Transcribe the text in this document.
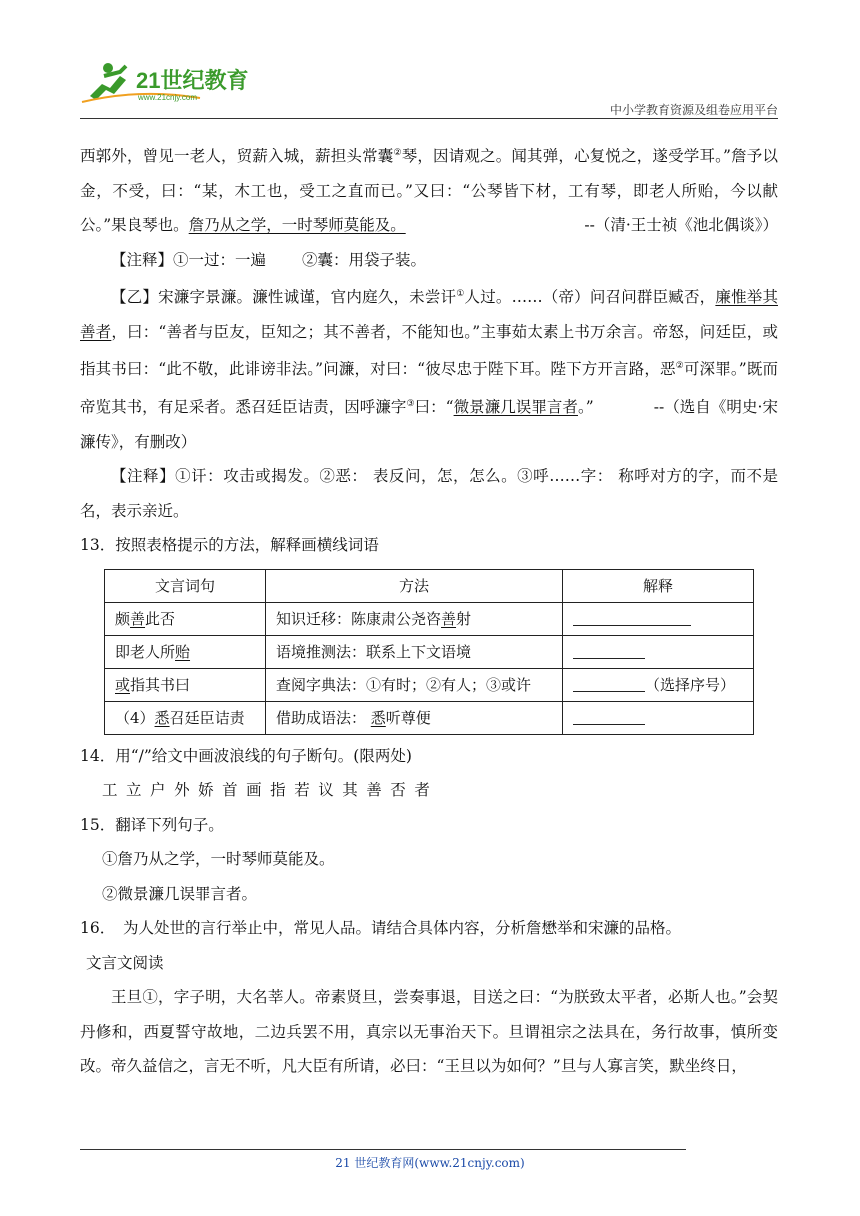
21世纪教育
www.21cnjy.com
中小学教育资源及组卷应用平台

西郭外，曾见一老人，贸薪入城，薪担头常囊②琴，因请观之。闻其弹，心复悦之，遂受学耳。”詹予以金，不受，曰：“某，木工也，受工之直而已。”又曰：“公琴皆下材，工有琴，即老人所贻，今以献公。”果良琴也。詹乃从之学，一时琴师莫能及。	--（清·王士祯《池北偶谈》）

【注释】①一过：一遍 ②囊：用袋子装。

【乙】宋濂字景濂。濂性诚谨，官内庭久，未尝讦①人过。……（帝）问召问群臣臧否，廉惟举其善者，曰：“善者与臣友，臣知之；其不善者，不能知也。”主事茹太素上书万余言。帝怒，问廷臣，或指其书曰：“此不敬，此诽谤非法。”问濂，对曰：“彼尽忠于陛下耳。陛下方开言路，恶②可深罪。”既而帝览其书，有足采者。悉召廷臣诘责，因呼濂字③曰：“微景濂几误罪言者。”	--（选自《明史·宋濂传》，有删改）

【注释】①讦：攻击或揭发。②恶： 表反问，怎，怎么。③呼……字： 称呼对方的字，而不是名，表示亲近。

13．按照表格提示的方法，解释画横线词语

文言词句	方法	解释
颇善此否	知识迁移：陈康肃公尧咨善射	
即老人所贻	语境推测法：联系上下文语境	
或指其书曰	查阅字典法：①有时；②有人；③或许	（选择序号）
（4）悉召廷臣诘责	借助成语法： 悉听尊便	

14．用“/”给文中画波浪线的句子断句。(限两处)

工立户外娇首画指若议其善否者

15．翻译下列句子。

①詹乃从之学，一时琴师莫能及。

②微景濂几误罪言者。

16．　为人处世的言行举止中，常见人品。请结合具体内容，分析詹懋举和宋濂的品格。

文言文阅读

王旦①，字子明，大名莘人。帝素贤旦，尝奏事退，目送之曰：“为朕致太平者，必斯人也。”会契丹修和，西夏誓守故地，二边兵罢不用，真宗以无事治天下。旦谓祖宗之法具在，务行故事，慎所变改。帝久益信之，言无不听，凡大臣有所请，必曰：“王旦以为如何？”旦与人寡言笑，默坐终日，

21 世纪教育网(www.21cnjy.com)
